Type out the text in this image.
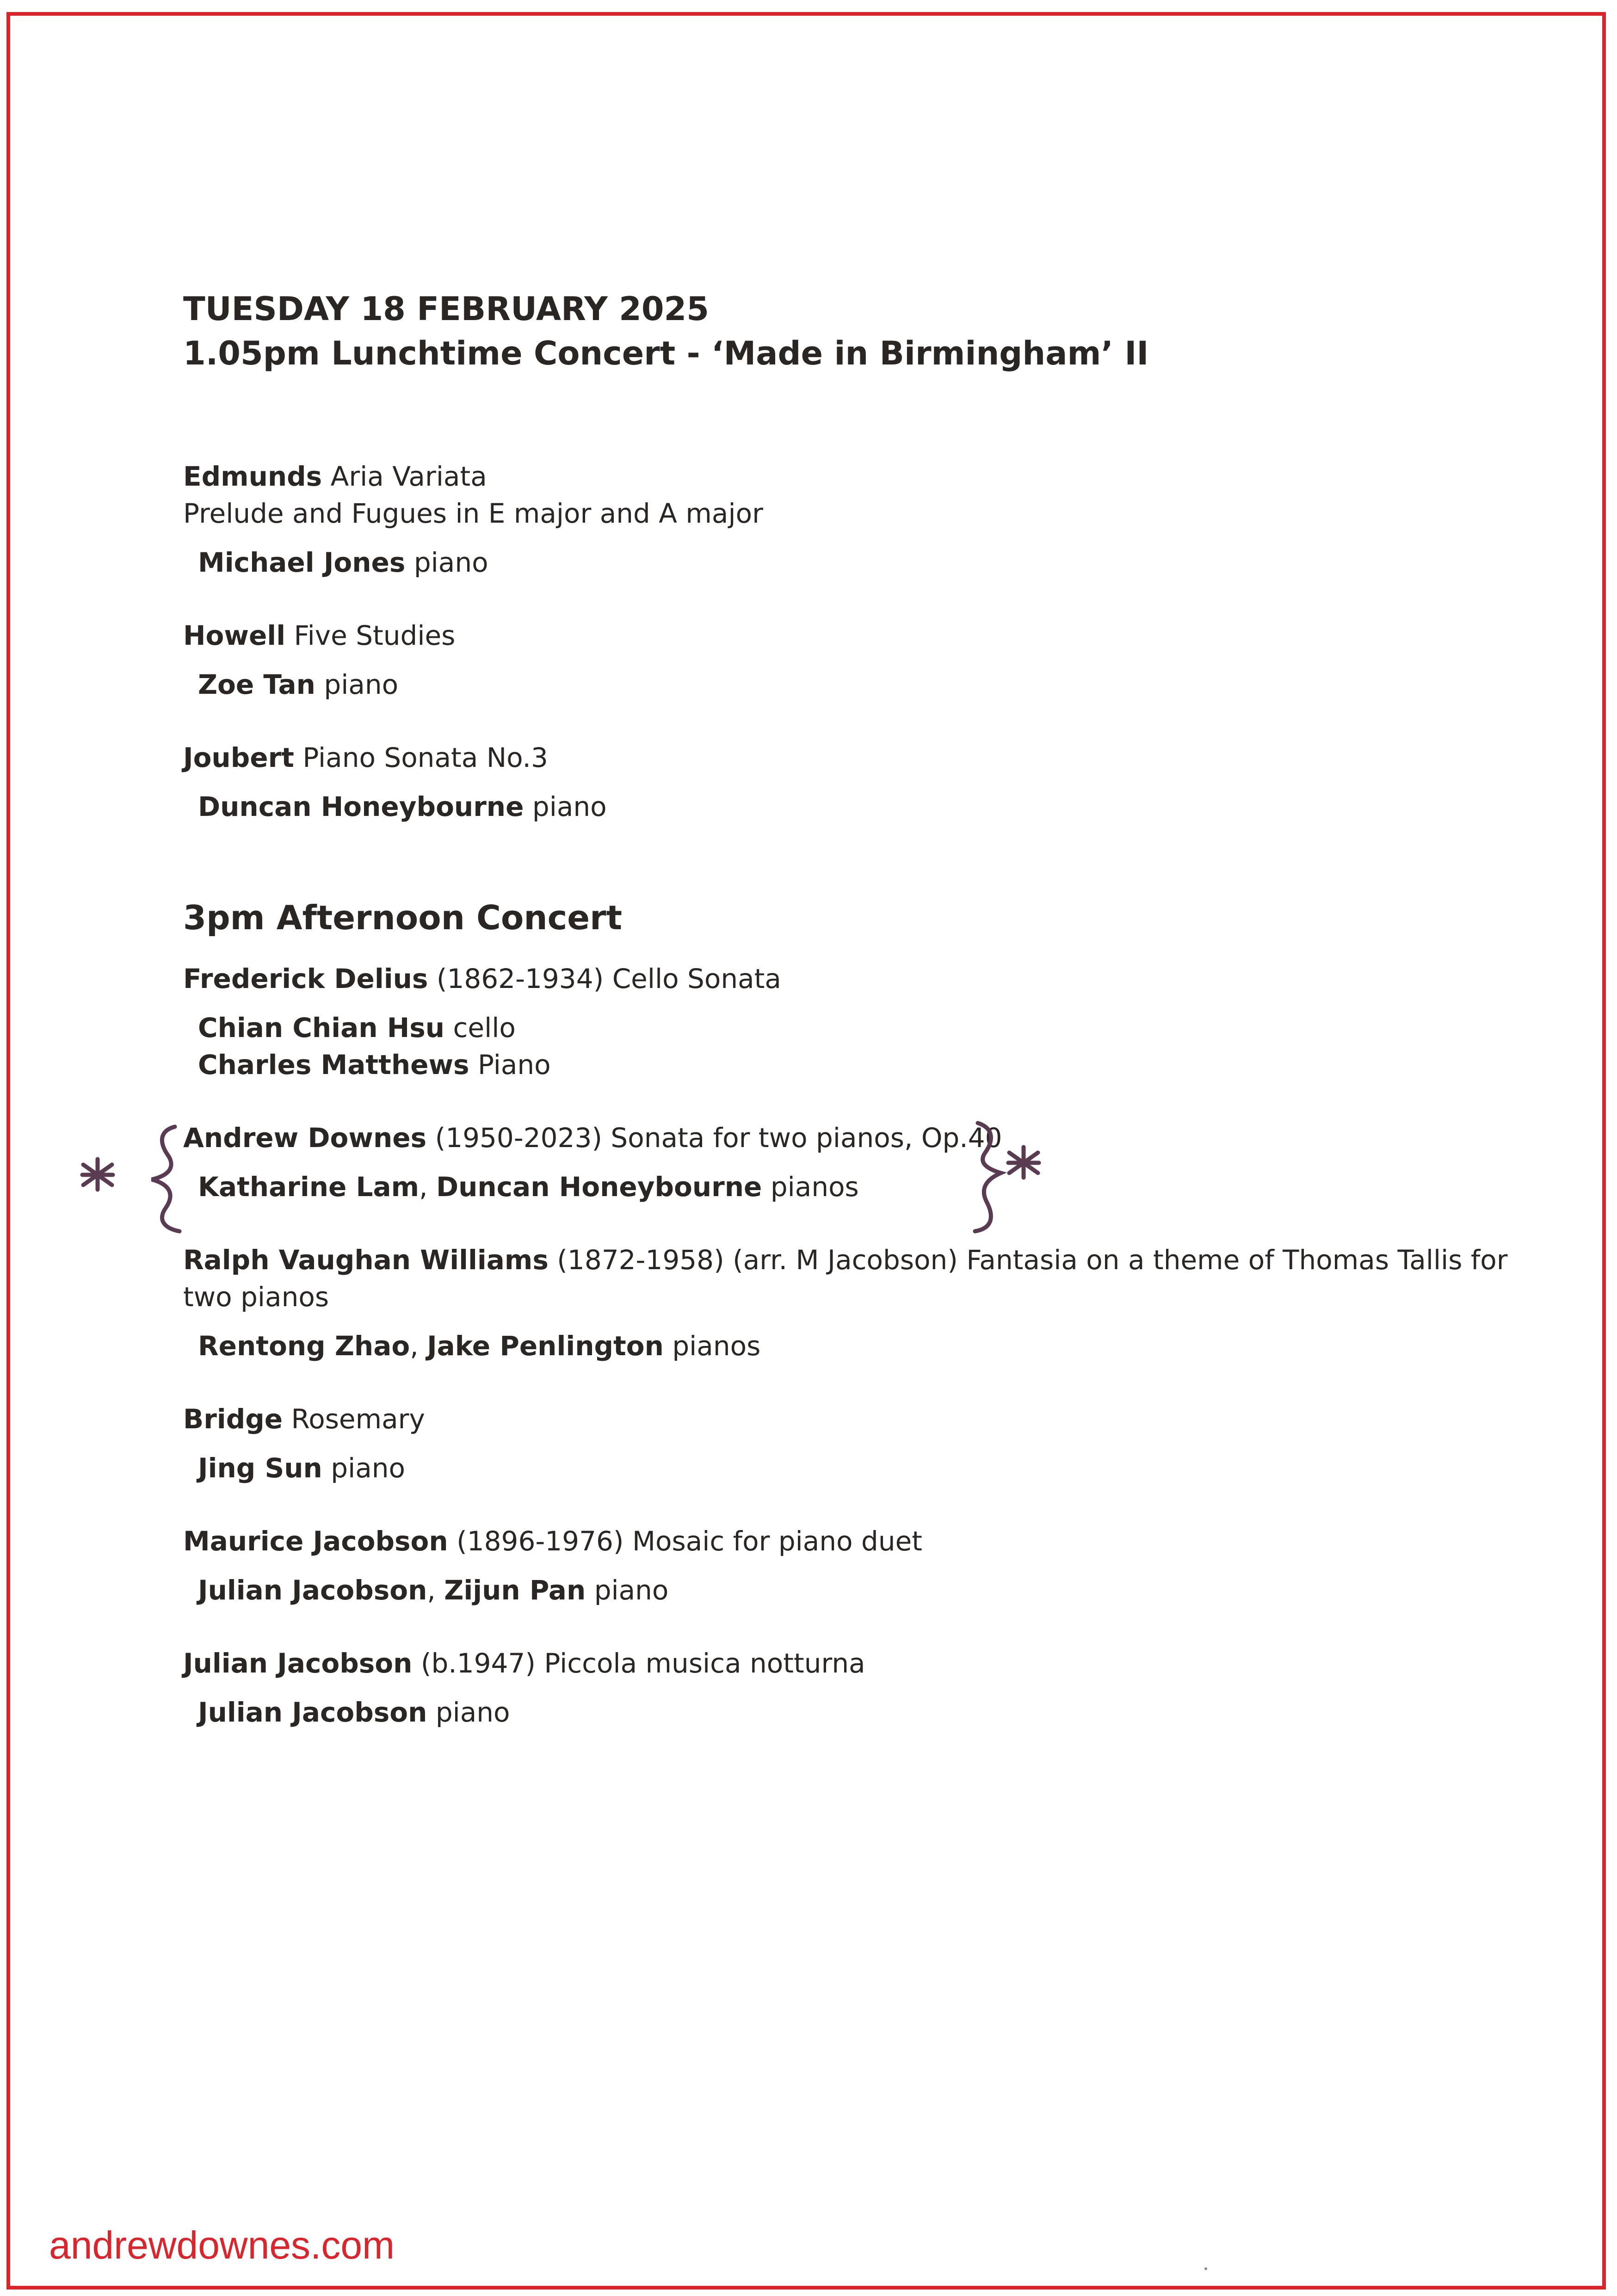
TUESDAY 18 FEBRUARY 2025

1.05pm Lunchtime Concert - ‘Made in Birmingham’ II

Edmunds Aria Variata

Prelude and Fugues in E major and A major

Michael Jones piano

Howell Five Studies

Zoe Tan piano

Joubert Piano Sonata No.3

Duncan Honeybourne piano

3pm Afternoon Concert

Frederick Delius (1862-1934) Cello Sonata

Chian Chian Hsu cello
Charles Matthews Piano

Andrew Downes (1950-2023) Sonata for two pianos, Op.40

Katharine Lam, Duncan Honeybourne pianos

Ralph Vaughan Williams (1872-1958) (arr. M Jacobson) Fantasia on a theme of Thomas Tallis for two pianos

Rentong Zhao, Jake Penlington pianos

Bridge Rosemary

Jing Sun piano

Maurice Jacobson (1896-1976) Mosaic for piano duet

Julian Jacobson, Zijun Pan piano

Julian Jacobson (b.1947) Piccola musica notturna

Julian Jacobson piano
andrewdownes.com
